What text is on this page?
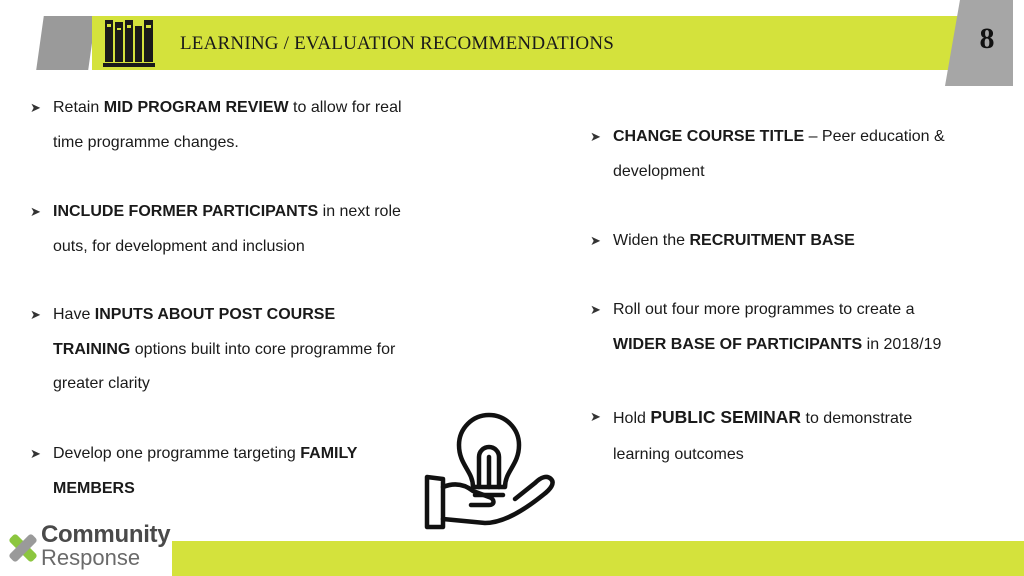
LEARNING / EVALUATION RECOMMENDATIONS	8
➤ Retain MID PROGRAM REVIEW to allow for real time programme changes.
➤ INCLUDE FORMER PARTICIPANTS in next role outs, for development and inclusion
➤ Have INPUTS ABOUT POST COURSE TRAINING options built into core programme for greater clarity
➤ Develop one programme targeting FAMILY MEMBERS
➤ CHANGE COURSE TITLE – Peer education & development
➤ Widen the RECRUITMENT BASE
➤ Roll out four more programmes to create a WIDER BASE OF PARTICIPANTS in 2018/19
➤ Hold PUBLIC SEMINAR to demonstrate learning outcomes
Community
Response
